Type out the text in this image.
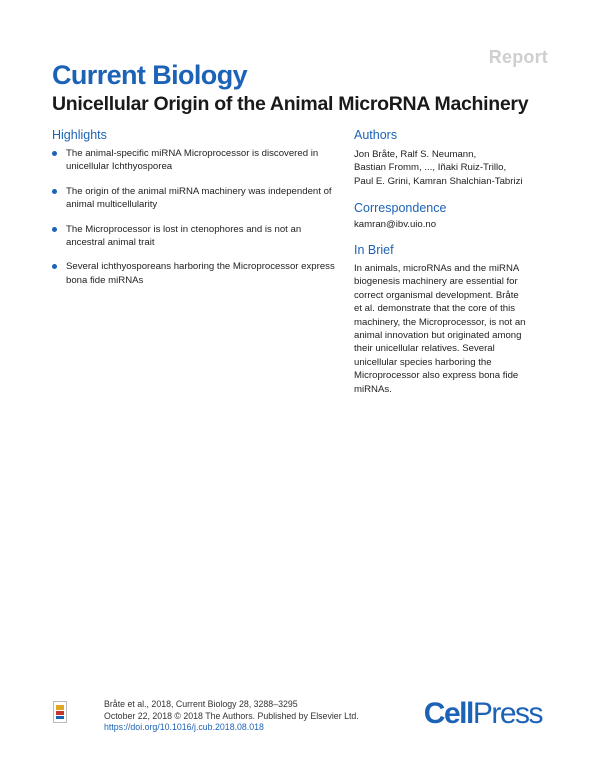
Report
Current Biology
Unicellular Origin of the Animal MicroRNA Machinery
Highlights
The animal-specific miRNA Microprocessor is discovered in unicellular Ichthyosporea
The origin of the animal miRNA machinery was independent of animal multicellularity
The Microprocessor is lost in ctenophores and is not an ancestral animal trait
Several ichthyosporeans harboring the Microprocessor express bona fide miRNAs
Authors
Jon Bråte, Ralf S. Neumann,
Bastian Fromm, ..., Iñaki Ruiz-Trillo,
Paul E. Grini, Kamran Shalchian-Tabrizi
Correspondence
kamran@ibv.uio.no
In Brief
In animals, microRNAs and the miRNA
biogenesis machinery are essential for
correct organismal development. Bråte
et al. demonstrate that the core of this
machinery, the Microprocessor, is not an
animal innovation but originated among
their unicellular relatives. Several
unicellular species harboring the
Microprocessor also express bona fide
miRNAs.
Bråte et al., 2018, Current Biology 28, 3288–3295
October 22, 2018 © 2018 The Authors. Published by Elsevier Ltd.
https://doi.org/10.1016/j.cub.2018.08.018	CellPress
